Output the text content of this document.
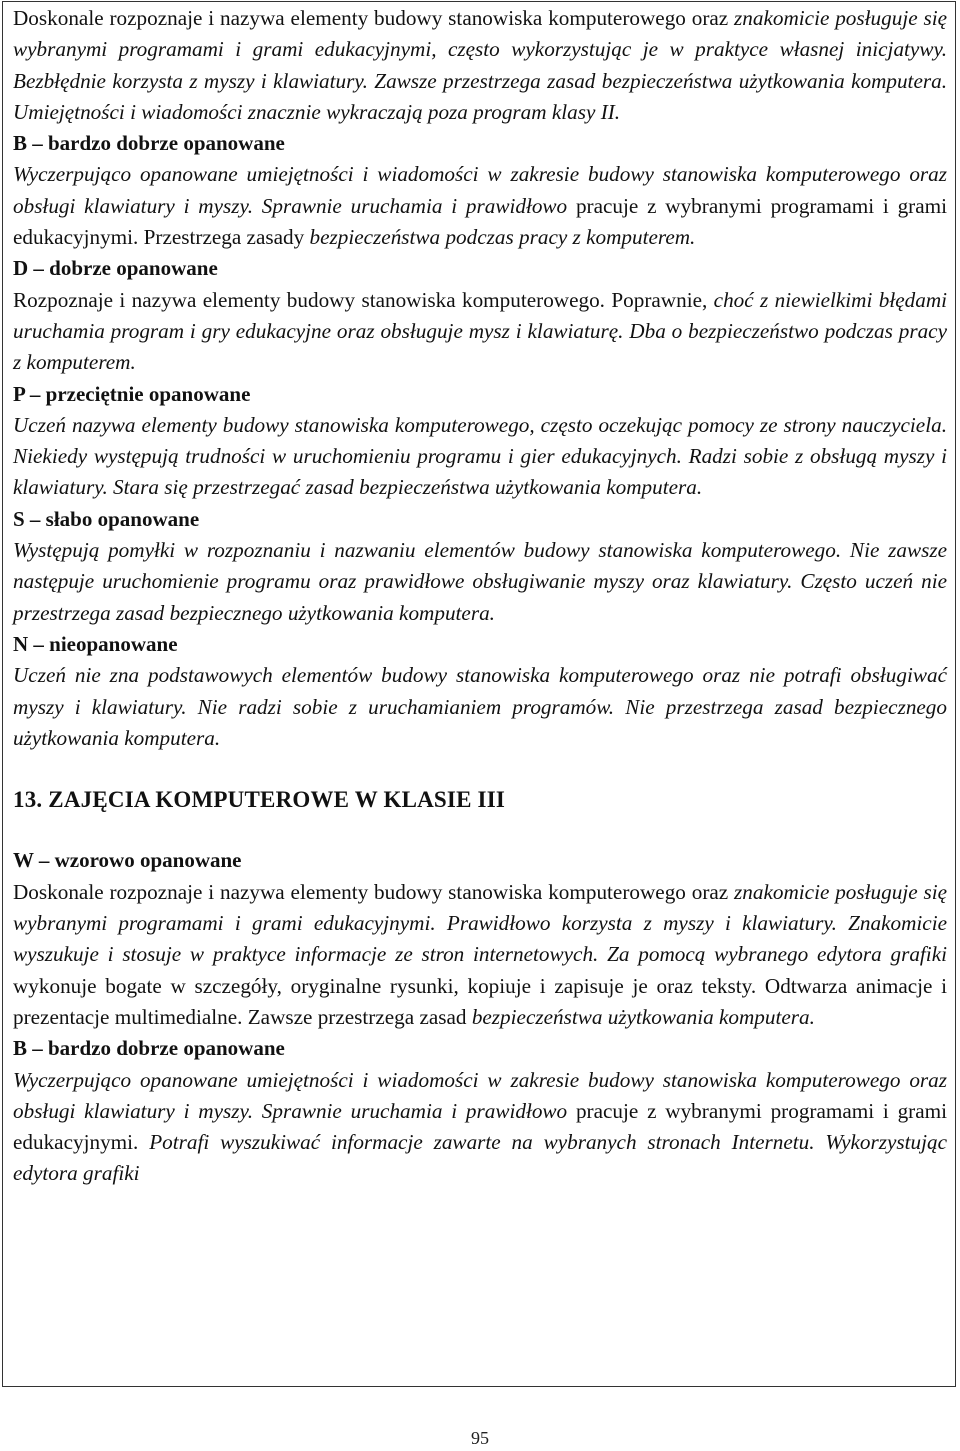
Doskonale rozpoznaje i nazywa elementy budowy stanowiska komputerowego oraz znakomicie posługuje się wybranymi programami i grami edukacyjnymi, często wykorzystując je w praktyce własnej inicjatywy. Bezbłędnie korzysta z myszy i klawiatury. Zawsze przestrzega zasad bezpieczeństwa użytkowania komputera. Umiejętności i wiadomości znacznie wykraczają poza program klasy II.

B – bardzo dobrze opanowane

Wyczerpująco opanowane umiejętności i wiadomości w zakresie budowy stanowiska komputerowego oraz obsługi klawiatury i myszy. Sprawnie uruchamia i prawidłowo pracuje z wybranymi programami i grami edukacyjnymi. Przestrzega zasady bezpieczeństwa podczas pracy z komputerem.

D – dobrze opanowane

Rozpoznaje i nazywa elementy budowy stanowiska komputerowego. Poprawnie, choć z niewielkimi błędami uruchamia program i gry edukacyjne oraz obsługuje mysz i klawiaturę. Dba o bezpieczeństwo podczas pracy z komputerem.

P – przeciętnie opanowane

Uczeń nazywa elementy budowy stanowiska komputerowego, często oczekując pomocy ze strony nauczyciela. Niekiedy występują trudności w uruchomieniu programu i gier edukacyjnych. Radzi sobie z obsługą myszy i klawiatury. Stara się przestrzegać zasad bezpieczeństwa użytkowania komputera.

S – słabo opanowane

Występują pomyłki w rozpoznaniu i nazwaniu elementów budowy stanowiska komputerowego. Nie zawsze następuje uruchomienie programu oraz prawidłowe obsługiwanie myszy oraz klawiatury. Często uczeń nie przestrzega zasad bezpiecznego użytkowania komputera.

N – nieopanowane

Uczeń nie zna podstawowych elementów budowy stanowiska komputerowego oraz nie potrafi obsługiwać myszy i klawiatury. Nie radzi sobie z uruchamianiem programów. Nie przestrzega zasad bezpiecznego użytkowania komputera.

13. ZAJĘCIA KOMPUTEROWE W KLASIE III

W – wzorowo opanowane

Doskonale rozpoznaje i nazywa elementy budowy stanowiska komputerowego oraz znakomicie posługuje się wybranymi programami i grami edukacyjnymi. Prawidłowo korzysta z myszy i klawiatury. Znakomicie wyszukuje i stosuje w praktyce informacje ze stron internetowych. Za pomocą wybranego edytora grafiki wykonuje bogate w szczegóły, oryginalne rysunki, kopiuje i zapisuje je oraz teksty. Odtwarza animacje i prezentacje multimedialne. Zawsze przestrzega zasad bezpieczeństwa użytkowania komputera.

B – bardzo dobrze opanowane

Wyczerpująco opanowane umiejętności i wiadomości w zakresie budowy stanowiska komputerowego oraz obsługi klawiatury i myszy. Sprawnie uruchamia i prawidłowo pracuje z wybranymi programami i grami edukacyjnymi. Potrafi wyszukiwać informacje zawarte na wybranych stronach Internetu. Wykorzystując edytora grafiki

95
